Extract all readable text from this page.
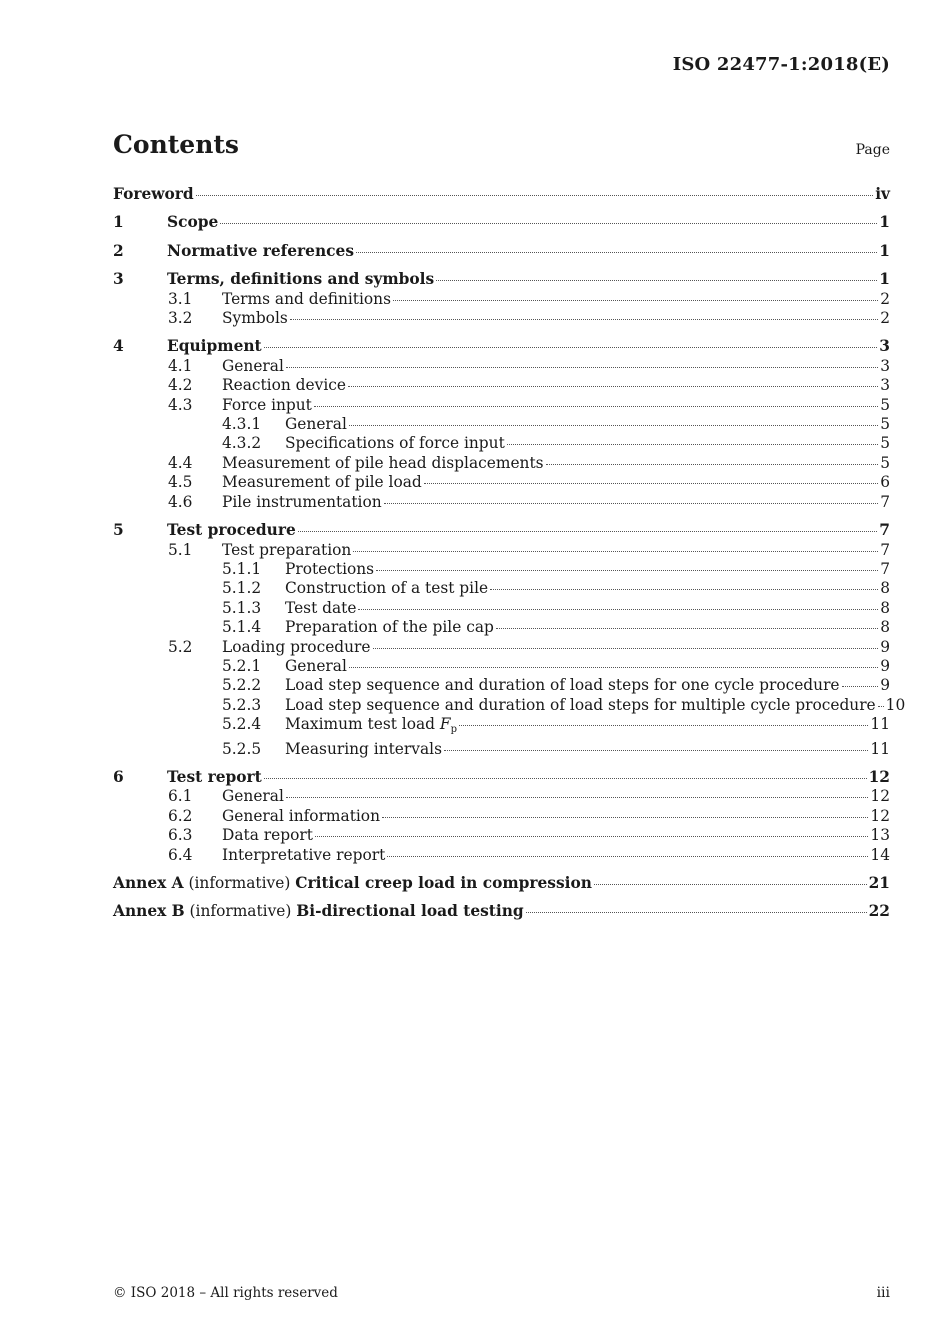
ISO 22477-1:2018(E)
Contents	Page
Foreword	iv
1	Scope	1
2	Normative references	1
3	Terms, definitions and symbols	1
3.1 Terms and definitions	2
3.2 Symbols	2
4	Equipment	3
4.1 General	3
4.2 Reaction device	3
4.3 Force input	5
4.3.1 General	5
4.3.2 Specifications of force input	5
4.4 Measurement of pile head displacements	5
4.5 Measurement of pile load	6
4.6 Pile instrumentation	7
5	Test procedure	7
5.1 Test preparation	7
5.1.1 Protections	7
5.1.2 Construction of a test pile	8
5.1.3 Test date	8
5.1.4 Preparation of the pile cap	8
5.2 Loading procedure	9
5.2.1 General	9
5.2.2 Load step sequence and duration of load steps for one cycle procedure	9
5.2.3 Load step sequence and duration of load steps for multiple cycle procedure 10
5.2.4 Maximum test load $F_p$	11
5.2.5 Measuring intervals	11
6	Test report	12
6.1 General	12
6.2 General information	12
6.3 Data report	13
6.4 Interpretative report	14
Annex A (informative) Critical creep load in compression	21
Annex B (informative) Bi-directional load testing	22
© ISO 2018 – All rights reserved	iii
